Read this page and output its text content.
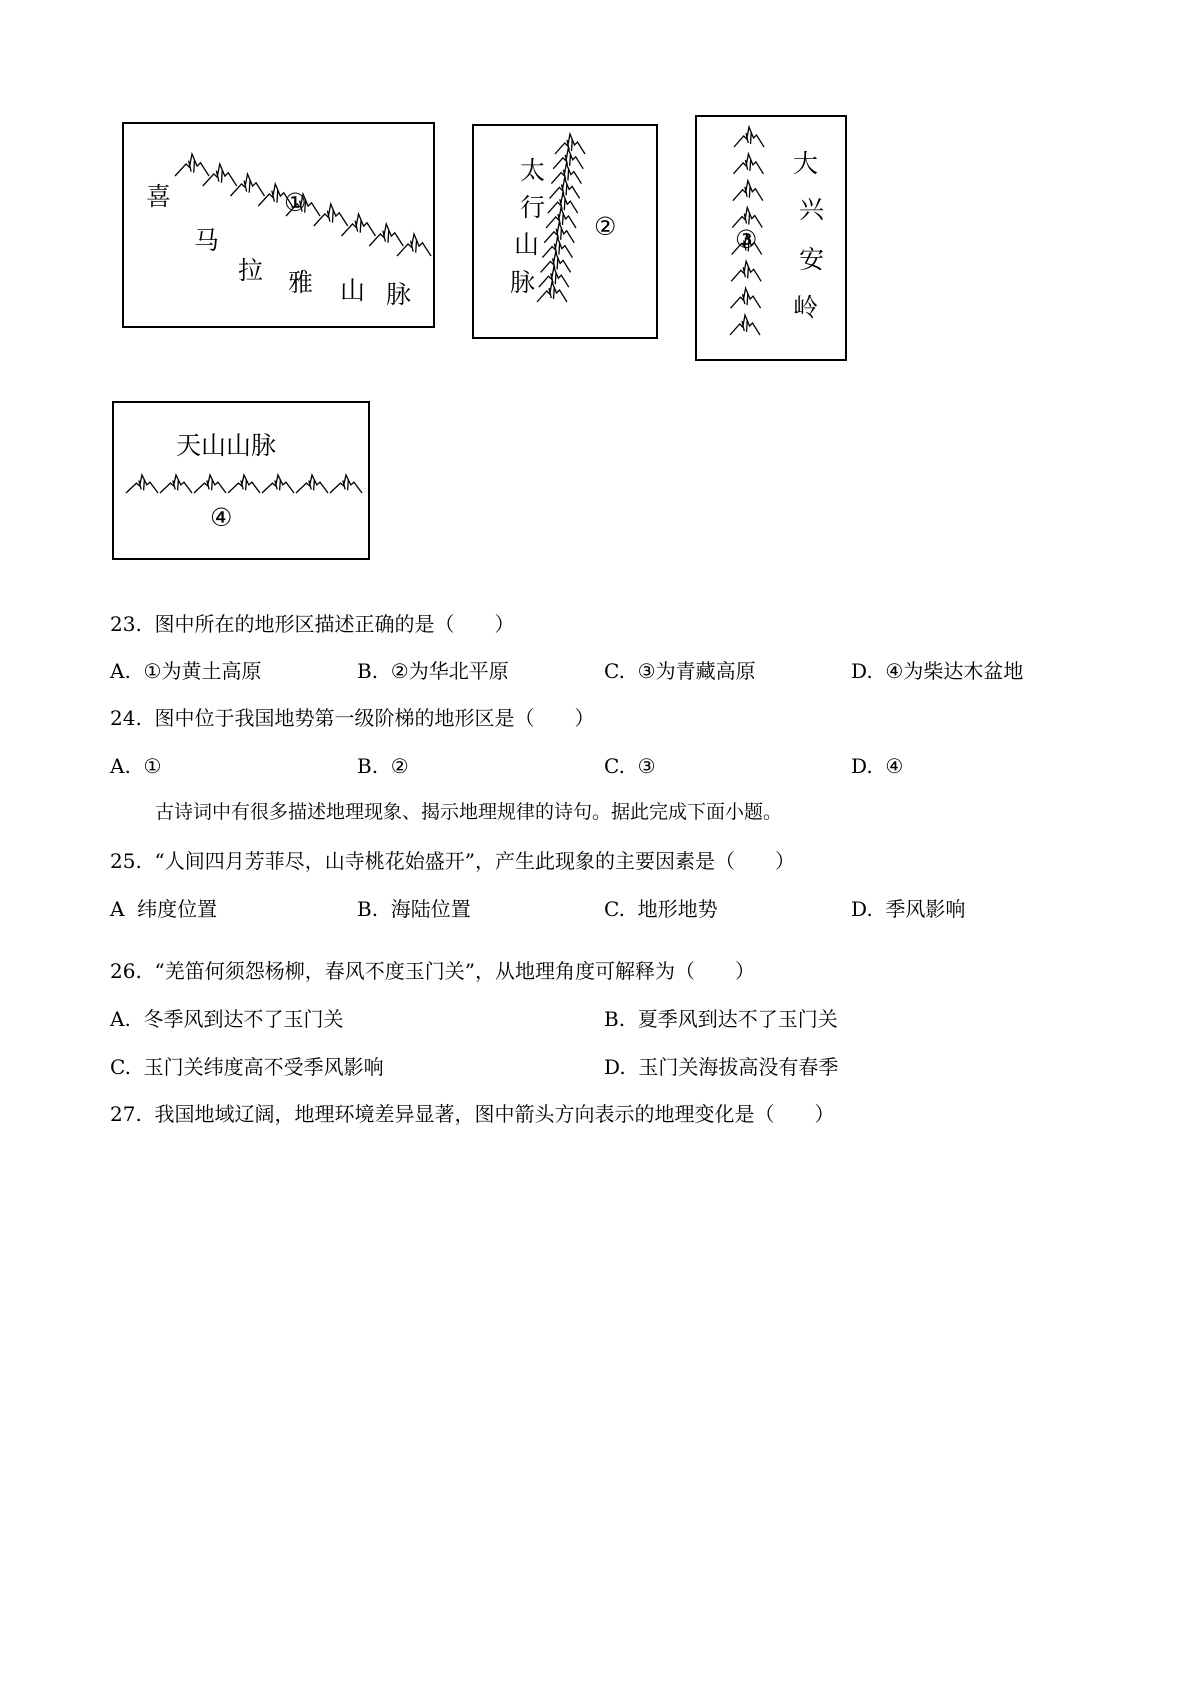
喜
马
拉 雅 山 脉
①
太
行
山
脉
②
大
兴
安
岭
③
天山山脉
④
23. 图中所在的地形区描述正确的是（　　）
A. ①为黄土高原	B. ②为华北平原	C. ③为青藏高原	D. ④为柴达木盆地
24. 图中位于我国地势第一级阶梯的地形区是（　　）
A. ①	B. ②	C. ③	D. ④
古诗词中有很多描述地理现象、揭示地理规律的诗句。据此完成下面小题。
25. “人间四月芳菲尽，山寺桃花始盛开”，产生此现象的主要因素是（　　）
A 纬度位置	B. 海陆位置	C. 地形地势	D. 季风影响
26. “羌笛何须怨杨柳，春风不度玉门关”，从地理角度可解释为（　　）
A. 冬季风到达不了玉门关	B. 夏季风到达不了玉门关
C. 玉门关纬度高不受季风影响	D. 玉门关海拔高没有春季
27. 我国地域辽阔，地理环境差异显著，图中箭头方向表示的地理变化是（　　）
